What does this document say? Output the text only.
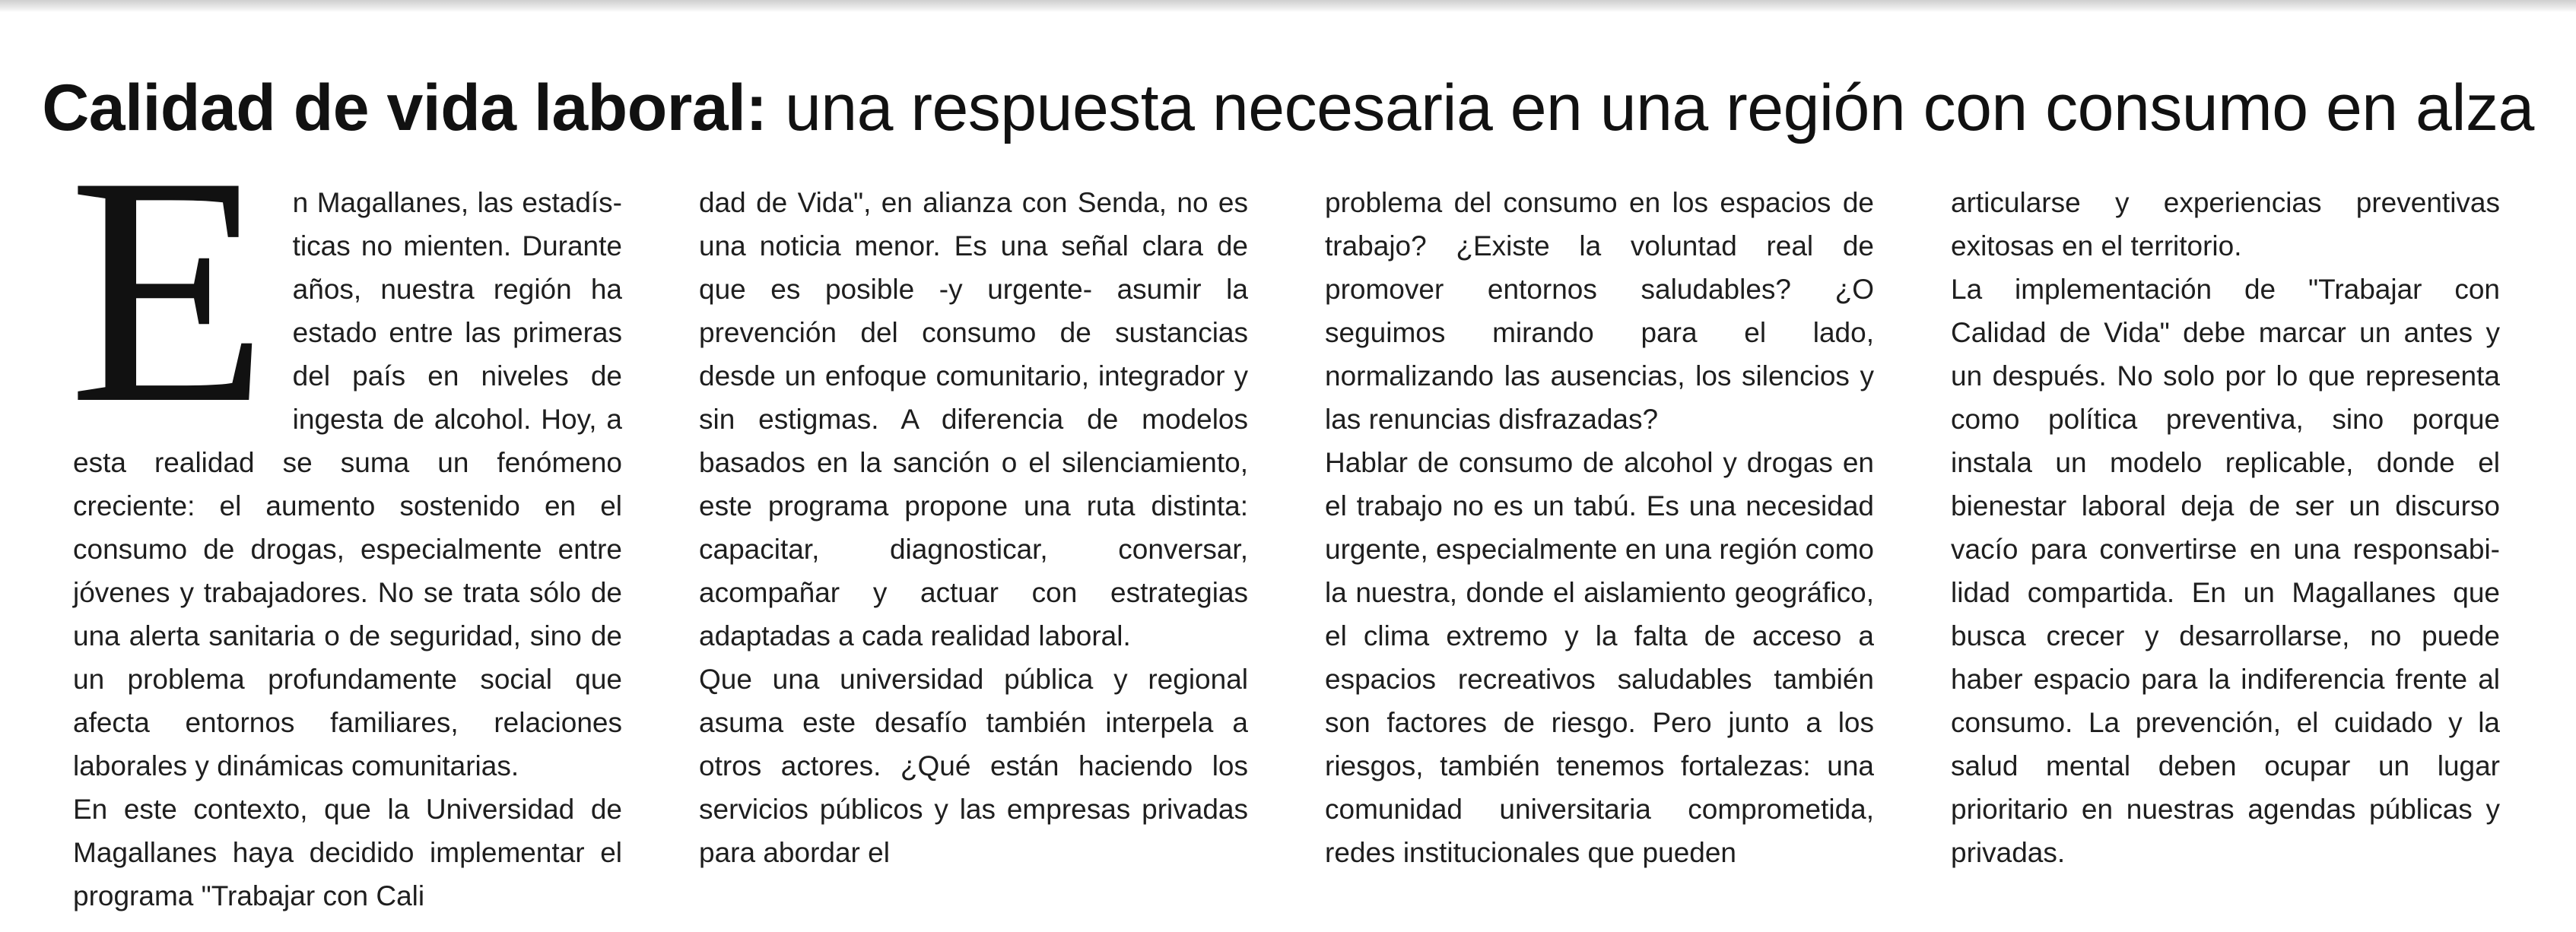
Calidad de vida laboral: una respuesta necesaria en una región con consumo en alza
E n Magallanes, las estadísticas no mienten. Durante años, nuestra región ha estado entre las primeras del país en niveles de ingesta de alcohol. Hoy, a esta realidad se suma un fenómeno creciente: el aumento sostenido en el consumo de drogas, especialmente entre jóvenes y trabajadores. No se trata sólo de una alerta sanitaria o de seguridad, sino de un problema profundamente social que afecta entornos familiares, relaciones laborales y dinámicas comunitarias.

En este contexto, que la Universidad de Magallanes haya decidido implementar el programa "Trabajar con Cali

dad de Vida", en alianza con Senda, no es una noticia menor. Es una señal clara de que es posible -y urgente- asumir la prevención del consumo de sustancias desde un enfoque comunitario, integrador y sin estigmas. A diferencia de modelos basados en la sanción o el silenciamiento, este programa propone una ruta distinta: capacitar, diagnosticar, conversar, acompañar y actuar con estrategias adaptadas a cada realidad laboral.

Que una universidad pública y regional asuma este desafío también interpela a otros actores. ¿Qué están haciendo los servicios públicos y las empresas privadas para abordar el

problema del consumo en los espacios de trabajo? ¿Existe la voluntad real de promover entornos saludables? ¿O seguimos mirando para el lado, normalizando las ausencias, los silencios y las renuncias disfrazadas?

Hablar de consumo de alcohol y drogas en el trabajo no es un tabú. Es una necesidad urgente, especialmente en una región como la nuestra, donde el aislamiento geográfico, el clima extremo y la falta de acceso a espacios recreativos saludables también son factores de riesgo. Pero junto a los riesgos, también tenemos fortalezas: una comunidad universitaria comprometida, redes institucionales que pueden

articularse y experiencias preventivas exitosas en el territorio.

La implementación de "Trabajar con Calidad de Vida" debe marcar un antes y un después. No solo por lo que representa como política preventiva, sino porque instala un modelo replicable, donde el bienestar laboral deja de ser un discurso vacío para convertirse en una responsabilidad compartida. En un Magallanes que busca crecer y desarrollarse, no puede haber espacio para la indiferencia frente al consumo. La prevención, el cuidado y la salud mental deben ocupar un lugar prioritario en nuestras agendas públicas y privadas.
